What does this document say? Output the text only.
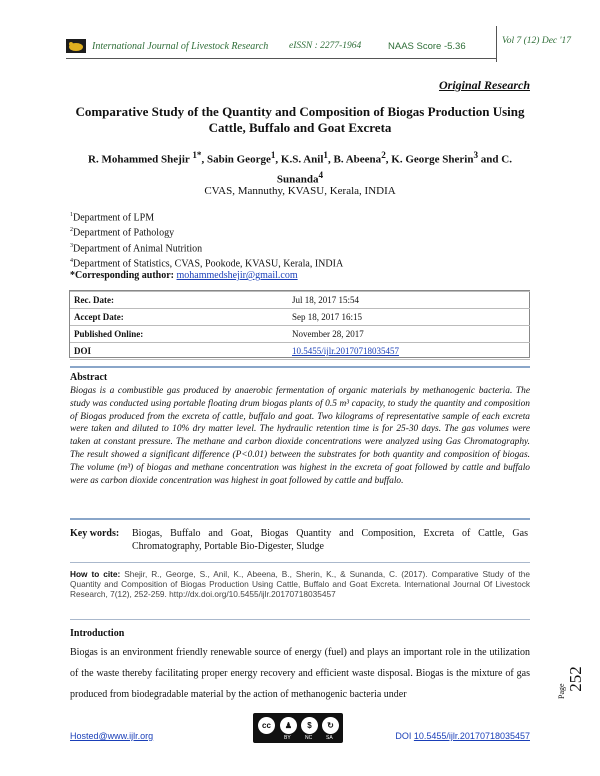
International Journal of Livestock Research eISSN : 2277-1964	NAAS Score -5.36	Vol 7 (12) Dec '17
Original Research
Comparative Study of the Quantity and Composition of Biogas Production Using Cattle, Buffalo and Goat Excreta
R. Mohammed Shejir $^{1*}$, Sabin George$^1$, K.S. Anil$^1$, B. Abeena$^2$, K. George Sherin$^3$ and C. Sunanda$^4$
CVAS, Mannuthy, KVASU, Kerala, INDIA
$^1$Department of LPM
$^2$Department of Pathology
$^3$Department of Animal Nutrition
$^4$Department of Statistics, CVAS, Pookode, KVASU, Kerala, INDIA
*Corresponding author: mohammedshejir@gmail.com
Rec. Date:	Jul 18, 2017 15:54
Accept Date:	Sep 18, 2017 16:15
Published Online:	November 28, 2017
DOI	10.5455/ijlr.20170718035457
Abstract
Biogas is a combustible gas produced by anaerobic fermentation of organic materials by methanogenic bacteria. The study was conducted using portable floating drum biogas plants of 0.5 m³ capacity, to study the quantity and composition of Biogas produced from the excreta of cattle, buffalo and goat. Two kilograms of representative sample of each excreta were taken and diluted to 10% dry matter level. The hydraulic retention time is for 25-30 days. The gas volumes were taken at constant pressure. The methane and carbon dioxide concentrations were analyzed using Gas Chromatography. The result showed a significant difference (P<0.01) between the substrates for both quantity and composition of biogas. The volume (m³) of biogas and methane concentration was highest in the excreta of goat followed by cattle and buffalo were as carbon dioxide concentration was highest in goat followed by cattle and buffalo.
Key words: Biogas, Buffalo and Goat, Biogas Quantity and Composition, Excreta of Cattle, Gas Chromatography, Portable Bio-Digester, Sludge
How to cite: Shejir, R., George, S., Anil, K., Abeena, B., Sherin, K., & Sunanda, C. (2017). Comparative Study of the Quantity and Composition of Biogas Production Using Cattle, Buffalo and Goat Excreta. International Journal Of Livestock Research, 7(12), 252-259. http://dx.doi.org/10.5455/ijlr.20170718035457
Introduction
Biogas is an environment friendly renewable source of energy (fuel) and plays an important role in the utilization of the waste thereby facilitating proper energy recovery and efficient waste disposal. Biogas is the mixture of gas produced from biodegradable material by the action of methanogenic bacteria under	Page 252
Hosted@www.ijlr.org
cc	♟	$	↻
BY	NC	SA	DOI 10.5455/ijlr.20170718035457
